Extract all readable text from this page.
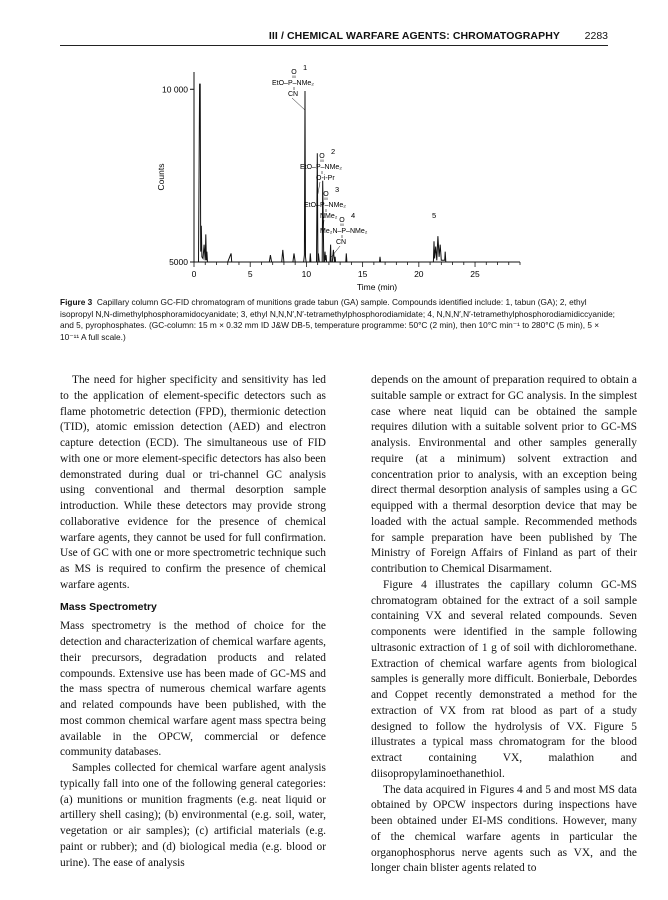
III / CHEMICAL WARFARE AGENTS: CHROMATOGRAPHY 2283
5000
10 000
0	5	10	15	20	25
Time (min)
Counts
O
1
EtO–P–NMe₂
CN
O
2
EtO–P–NMe₂
O-i-Pr
O
3
EtO–P–NMe₂
NMe₂
O
4
Me₂N–P–NMe₂
CN
5
Figure 3 Capillary column GC-FID chromatogram of munitions grade tabun (GA) sample. Compounds identified include: 1, tabun (GA); 2, ethyl isopropyl N,N-dimethylphosphoramidocyanidate; 3, ethyl N,N,N′,N′-tetramethylphosphorodiamidate; 4, N,N,N′,N′-tetramethylphosphorodiamidiccyanide; and 5, pyrophosphates. (GC-column: 15 m × 0.32 mm ID J&W DB-5, temperature programme: 50°C (2 min), then 10°C min⁻¹ to 280°C (5 min), 5 × 10⁻¹¹ A full scale.)

The need for higher specificity and sensitivity has led to the application of element-specific detectors such as flame photometric detection (FPD), thermionic detection (TID), atomic emission detection (AED) and electron capture detection (ECD). The simultaneous use of FID with one or more element-specific detectors has also been demonstrated during dual or tri-channel GC analysis using conventional and thermal desorption sample introduction. While these detectors may provide strong collaborative evidence for the presence of chemical warfare agents, they cannot be used for full confirmation. Use of GC with one or more spectrometric technique such as MS is required to confirm the presence of chemical warfare agents.

Mass Spectrometry

Mass spectrometry is the method of choice for the detection and characterization of chemical warfare agents, their precursors, degradation products and related compounds. Extensive use has been made of GC-MS and the mass spectra of numerous chemical warfare agents and related compounds have been published, with the most common chemical warfare agent mass spectra being available in the OPCW, commercial or defence community databases.

Samples collected for chemical warfare agent analysis typically fall into one of the following general categories: (a) munitions or munition fragments (e.g. neat liquid or artillery shell casing); (b) environmental (e.g. soil, water, vegetation or air samples); (c) artificial materials (e.g. paint or rubber); and (d) biological media (e.g. blood or urine). The ease of analysis

depends on the amount of preparation required to obtain a suitable sample or extract for GC analysis. In the simplest case where neat liquid can be obtained the sample requires dilution with a suitable solvent prior to GC-MS analysis. Environmental and other samples generally require (at a minimum) solvent extraction and concentration prior to analysis, with an exception being direct thermal desorption analysis of samples using a GC equipped with a thermal desorption device that may be loaded with the actual sample. Recommended methods for sample preparation have been published by The Ministry of Foreign Affairs of Finland as part of their contribution to Chemical Disarmament.

Figure 4 illustrates the capillary column GC-MS chromatogram obtained for the extract of a soil sample containing VX and several related compounds. Seven components were identified in the sample following ultrasonic extraction of 1 g of soil with dichloromethane. Extraction of chemical warfare agents from biological samples is generally more difficult. Bonierbale, Debordes and Coppet recently demonstrated a method for the extraction of VX from rat blood as part of a study designed to follow the hydrolysis of VX. Figure 5 illustrates a typical mass chromatogram for the blood extract containing VX, malathion and diisopropylaminoethanethiol.

The data acquired in Figures 4 and 5 and most MS data obtained by OPCW inspectors during inspections have been obtained under EI-MS conditions. However, many of the chemical warfare agents in particular the organophosphorus nerve agents such as VX, and the longer chain blister agents related to
